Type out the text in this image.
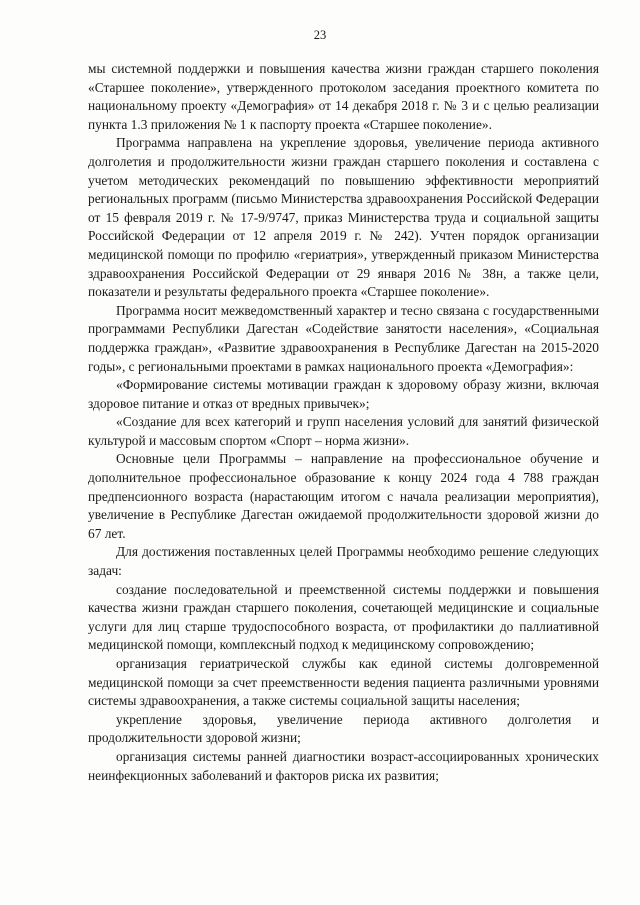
23

мы системной поддержки и повышения качества жизни граждан старшего поколения «Старшее поколение», утвержденного протоколом заседания проектного комитета по национальному проекту «Демография» от 14 декабря 2018 г. № 3 и с целью реализации пункта 1.3 приложения № 1 к паспорту проекта «Старшее поколение».

Программа направлена на укрепление здоровья, увеличение периода активного долголетия и продолжительности жизни граждан старшего поколения и составлена с учетом методических рекомендаций по повышению эффективности мероприятий региональных программ (письмо Министерства здравоохранения Российской Федерации от 15 февраля 2019 г. № 17-9/9747, приказ Министерства труда и социальной защиты Российской Федерации от 12 апреля 2019 г. № 242). Учтен порядок организации медицинской помощи по профилю «гериатрия», утвержденный приказом Министерства здравоохранения Российской Федерации от 29 января 2016 № 38н, а также цели, показатели и результаты федерального проекта «Старшее поколение».

Программа носит межведомственный характер и тесно связана с государственными программами Республики Дагестан «Содействие занятости населения», «Социальная поддержка граждан», «Развитие здравоохранения в Республике Дагестан на 2015-2020 годы», с региональными проектами в рамках национального проекта «Демография»:

«Формирование системы мотивации граждан к здоровому образу жизни, включая здоровое питание и отказ от вредных привычек»;

«Создание для всех категорий и групп населения условий для занятий физической культурой и массовым спортом «Спорт – норма жизни».

Основные цели Программы – направление на профессиональное обучение и дополнительное профессиональное образование к концу 2024 года 4 788 граждан предпенсионного возраста (нарастающим итогом с начала реализации мероприятия), увеличение в Республике Дагестан ожидаемой продолжительности здоровой жизни до 67 лет.

Для достижения поставленных целей Программы необходимо решение следующих задач:

создание последовательной и преемственной системы поддержки и повышения качества жизни граждан старшего поколения, сочетающей медицинские и социальные услуги для лиц старше трудоспособного возраста, от профилактики до паллиативной медицинской помощи, комплексный подход к медицинскому сопровождению;

организация гериатрической службы как единой системы долговременной медицинской помощи за счет преемственности ведения пациента различными уровнями системы здравоохранения, а также системы социальной защиты населения;

укрепление здоровья, увеличение периода активного долголетия и продолжительности здоровой жизни;

организация системы ранней диагностики возраст-ассоциированных хронических неинфекционных заболеваний и факторов риска их развития;
